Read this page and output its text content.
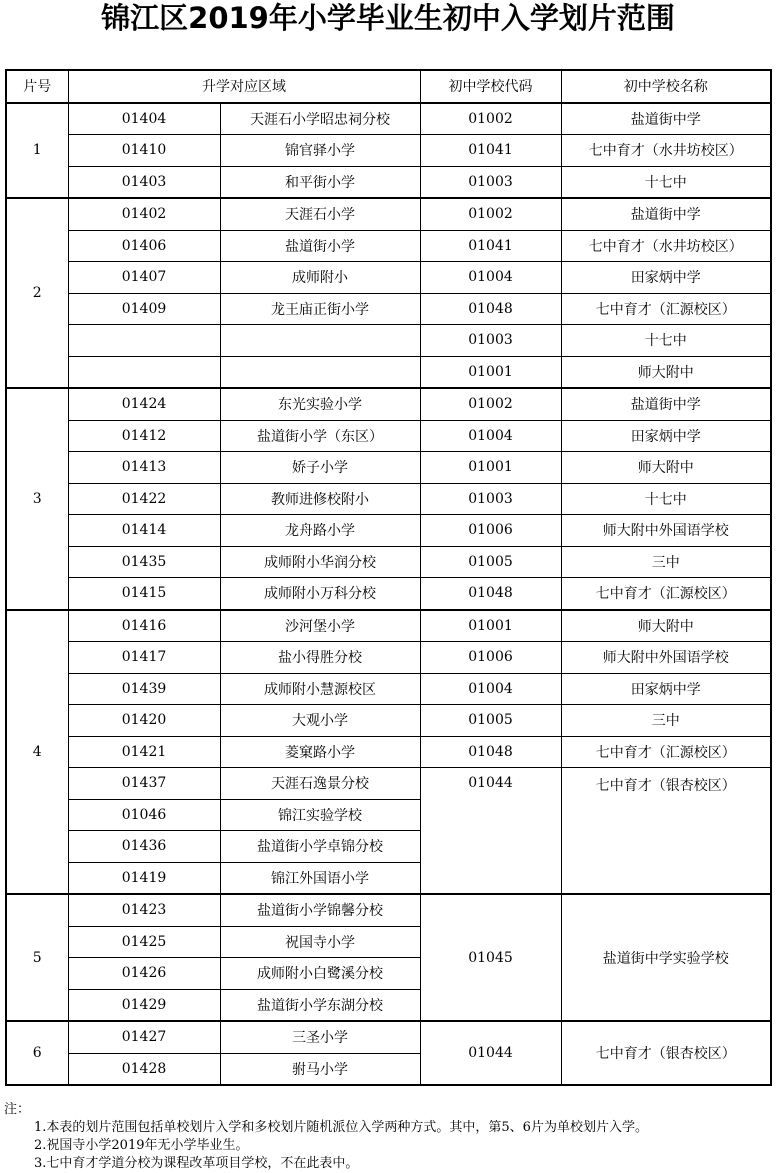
锦江区2019年小学毕业生初中入学划片范围
片号	升学对应区域		初中学校代码	初中学校名称
1	01404	天涯石小学昭忠祠分校	01002	盐道街中学
	01410	锦官驿小学	01041	七中育才（水井坊校区）
	01403	和平街小学	01003	十七中
2	01402	天涯石小学	01002	盐道街中学
	01406	盐道街小学	01041	七中育才（水井坊校区）
	01407	成师附小	01004	田家炳中学
	01409	龙王庙正街小学	01048	七中育才（汇源校区）
			01003	十七中
			01001	师大附中
3	01424	东光实验小学	01002	盐道街中学
	01412	盐道街小学（东区）	01004	田家炳中学
	01413	娇子小学	01001	师大附中
	01422	教师进修校附小	01003	十七中
	01414	龙舟路小学	01006	师大附中外国语学校
	01435	成师附小华润分校	01005	三中
	01415	成师附小万科分校	01048	七中育才（汇源校区）
4	01416	沙河堡小学	01001	师大附中
	01417	盐小得胜分校	01006	师大附中外国语学校
	01439	成师附小慧源校区	01004	田家炳中学
	01420	大观小学	01005	三中
	01421	菱窠路小学	01048	七中育才（汇源校区）
	01437	天涯石逸景分校	01044	七中育才（银杏校区）
	01046	锦江实验学校		
	01436	盐道街小学卓锦分校		
	01419	锦江外国语小学		
5	01423	盐道街小学锦馨分校	01045	盐道街中学实验学校
	01425	祝国寺小学		
	01426	成师附小白鹭溪分校		
	01429	盐道街小学东湖分校		
6	01427	三圣小学	01044	七中育才（银杏校区）
	01428	驸马小学		
注：
1.本表的划片范围包括单校划片入学和多校划片随机派位入学两种方式。其中，第5、6片为单校划片入学。
2.祝国寺小学2019年无小学毕业生。
3.七中育才学道分校为课程改革项目学校，不在此表中。
